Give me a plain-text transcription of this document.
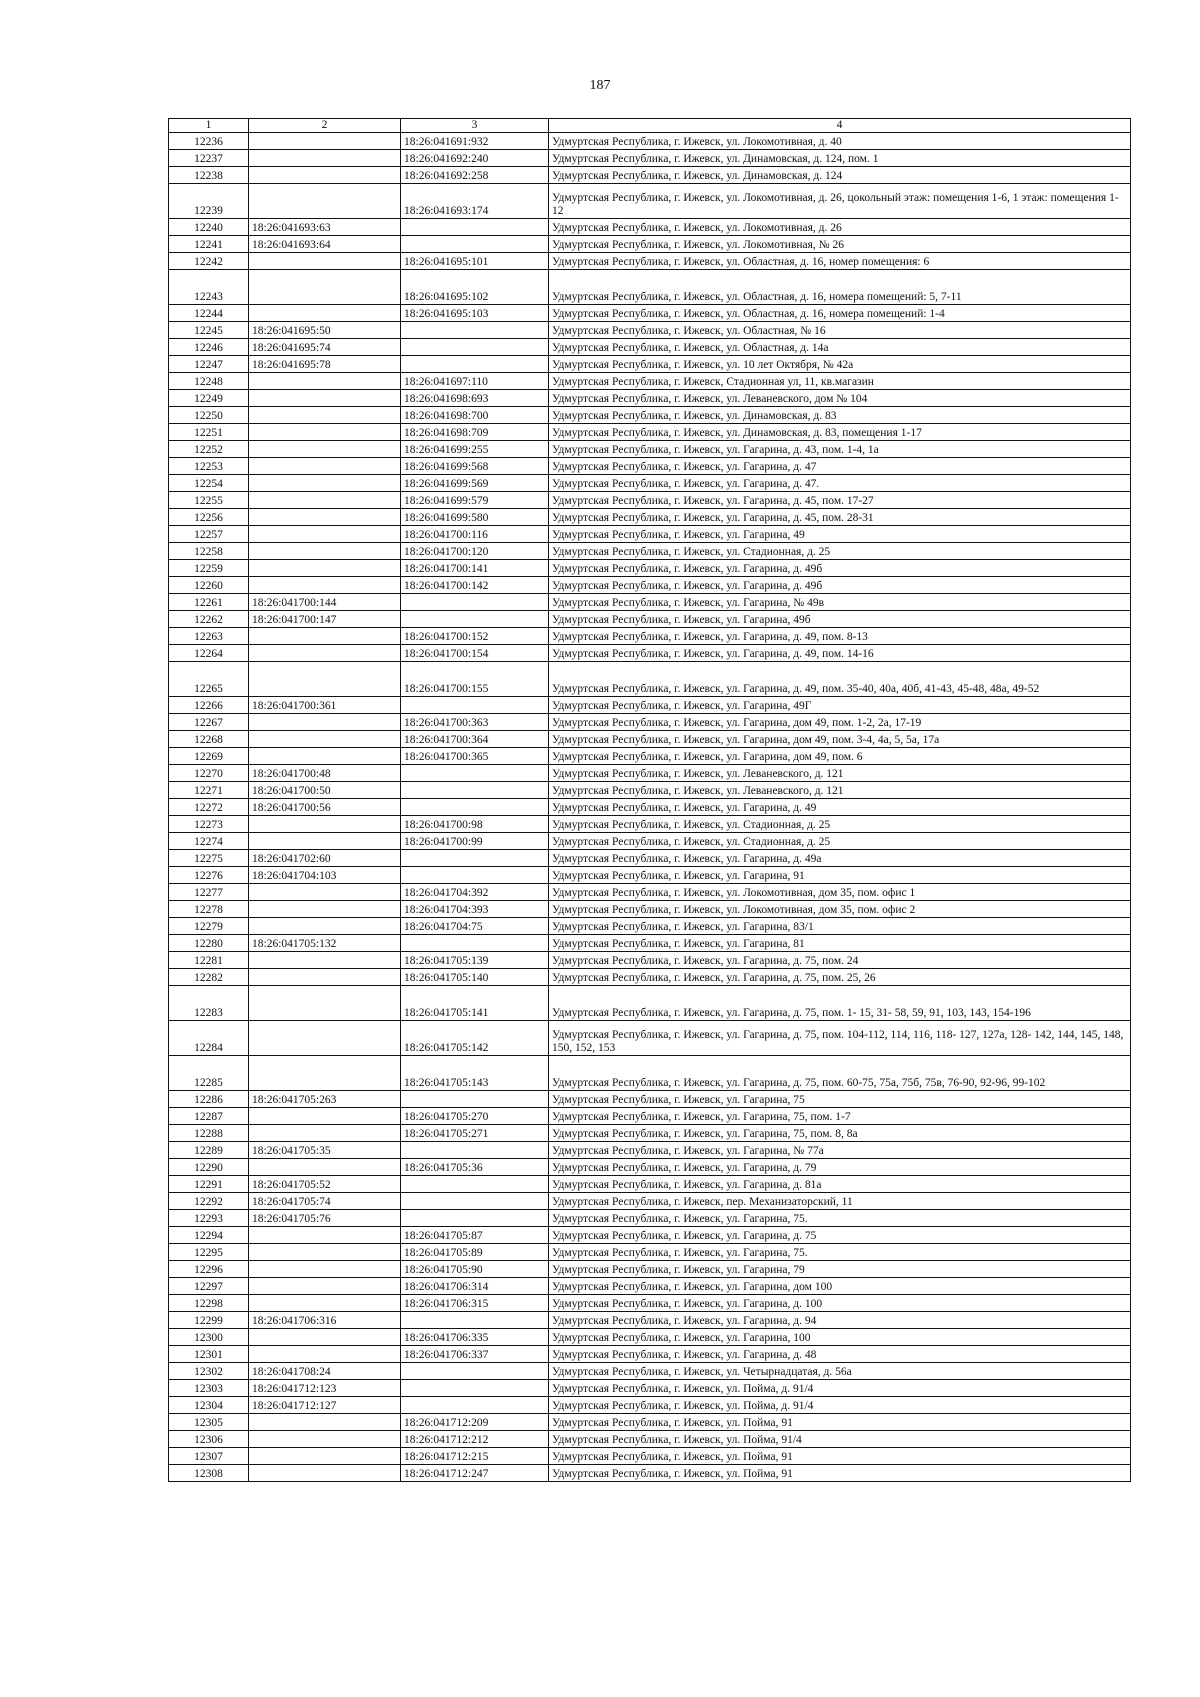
187
1	2	3	4
12236		18:26:041691:932	Удмуртская Республика, г. Ижевск, ул. Локомотивная, д. 40
12237		18:26:041692:240	Удмуртская Республика, г. Ижевск, ул. Динамовская, д. 124, пом. 1
12238		18:26:041692:258	Удмуртская Республика, г. Ижевск, ул. Динамовская, д. 124
12239		18:26:041693:174	Удмуртская Республика, г. Ижевск, ул. Локомотивная, д. 26, цокольный этаж: помещения 1-6, 1 этаж: помещения 1-12
12240	18:26:041693:63		Удмуртская Республика, г. Ижевск, ул. Локомотивная, д. 26
12241	18:26:041693:64		Удмуртская Республика, г. Ижевск, ул. Локомотивная, № 26
12242		18:26:041695:101	Удмуртская Республика, г. Ижевск, ул. Областная, д. 16, номер помещения: 6
12243		18:26:041695:102	Удмуртская Республика, г. Ижевск, ул. Областная, д. 16, номера помещений: 5, 7-11
12244		18:26:041695:103	Удмуртская Республика, г. Ижевск, ул. Областная, д. 16, номера помещений: 1-4
12245	18:26:041695:50		Удмуртская Республика, г. Ижевск, ул. Областная, № 16
12246	18:26:041695:74		Удмуртская Республика, г. Ижевск, ул. Областная, д. 14а
12247	18:26:041695:78		Удмуртская Республика, г. Ижевск, ул. 10 лет Октября, № 42а
12248		18:26:041697:110	Удмуртская Республика, г. Ижевск, Стадионная ул, 11, кв.магазин
12249		18:26:041698:693	Удмуртская Республика, г. Ижевск, ул. Леваневского, дом № 104
12250		18:26:041698:700	Удмуртская Республика, г. Ижевск, ул. Динамовская, д. 83
12251		18:26:041698:709	Удмуртская Республика, г. Ижевск, ул. Динамовская, д. 83, помещения 1-17
12252		18:26:041699:255	Удмуртская Республика, г. Ижевск, ул. Гагарина, д. 43, пом. 1-4, 1а
12253		18:26:041699:568	Удмуртская Республика, г. Ижевск, ул. Гагарина, д. 47
12254		18:26:041699:569	Удмуртская Республика, г. Ижевск, ул. Гагарина, д. 47.
12255		18:26:041699:579	Удмуртская Республика, г. Ижевск, ул. Гагарина, д. 45, пом. 17-27
12256		18:26:041699:580	Удмуртская Республика, г. Ижевск, ул. Гагарина, д. 45, пом. 28-31
12257		18:26:041700:116	Удмуртская Республика, г. Ижевск, ул. Гагарина, 49
12258		18:26:041700:120	Удмуртская Республика, г. Ижевск, ул. Стадионная, д. 25
12259		18:26:041700:141	Удмуртская Республика, г. Ижевск, ул. Гагарина, д. 49б
12260		18:26:041700:142	Удмуртская Республика, г. Ижевск, ул. Гагарина, д. 49б
12261	18:26:041700:144		Удмуртская Республика, г. Ижевск, ул. Гагарина, № 49в
12262	18:26:041700:147		Удмуртская Республика, г. Ижевск, ул. Гагарина, 49б
12263		18:26:041700:152	Удмуртская Республика, г. Ижевск, ул. Гагарина, д. 49, пом. 8-13
12264		18:26:041700:154	Удмуртская Республика, г. Ижевск, ул. Гагарина, д. 49, пом. 14-16
12265		18:26:041700:155	Удмуртская Республика, г. Ижевск, ул. Гагарина, д. 49, пом. 35-40, 40а, 40б, 41-43, 45-48, 48а, 49-52
12266	18:26:041700:361		Удмуртская Республика, г. Ижевск, ул. Гагарина, 49Г
12267		18:26:041700:363	Удмуртская Республика, г. Ижевск, ул. Гагарина, дом 49, пом. 1-2, 2а, 17-19
12268		18:26:041700:364	Удмуртская Республика, г. Ижевск, ул. Гагарина, дом 49, пом. 3-4, 4а, 5, 5а, 17а
12269		18:26:041700:365	Удмуртская Республика, г. Ижевск, ул. Гагарина, дом 49, пом. 6
12270	18:26:041700:48		Удмуртская Республика, г. Ижевск, ул. Леваневского, д. 121
12271	18:26:041700:50		Удмуртская Республика, г. Ижевск, ул. Леваневского, д. 121
12272	18:26:041700:56		Удмуртская Республика, г. Ижевск, ул. Гагарина, д. 49
12273		18:26:041700:98	Удмуртская Республика, г. Ижевск, ул. Стадионная, д. 25
12274		18:26:041700:99	Удмуртская Республика, г. Ижевск, ул. Стадионная, д. 25
12275	18:26:041702:60		Удмуртская Республика, г. Ижевск, ул. Гагарина, д. 49а
12276	18:26:041704:103		Удмуртская Республика, г. Ижевск, ул. Гагарина, 91
12277		18:26:041704:392	Удмуртская Республика, г. Ижевск, ул. Локомотивная, дом 35, пом. офис 1
12278		18:26:041704:393	Удмуртская Республика, г. Ижевск, ул. Локомотивная, дом 35, пом. офис 2
12279		18:26:041704:75	Удмуртская Республика, г. Ижевск, ул. Гагарина, 83/1
12280	18:26:041705:132		Удмуртская Республика, г. Ижевск, ул. Гагарина, 81
12281		18:26:041705:139	Удмуртская Республика, г. Ижевск, ул. Гагарина, д. 75, пом. 24
12282		18:26:041705:140	Удмуртская Республика, г. Ижевск, ул. Гагарина, д. 75, пом. 25, 26
12283		18:26:041705:141	Удмуртская Республика, г. Ижевск, ул. Гагарина, д. 75, пом. 1- 15, 31- 58, 59, 91, 103, 143, 154-196
12284		18:26:041705:142	Удмуртская Республика, г. Ижевск, ул. Гагарина, д. 75, пом. 104-112, 114, 116, 118- 127, 127а, 128- 142, 144, 145, 148, 150, 152, 153
12285		18:26:041705:143	Удмуртская Республика, г. Ижевск, ул. Гагарина, д. 75, пом. 60-75, 75а, 75б, 75в, 76-90, 92-96, 99-102
12286	18:26:041705:263		Удмуртская Республика, г. Ижевск, ул. Гагарина, 75
12287		18:26:041705:270	Удмуртская Республика, г. Ижевск, ул. Гагарина, 75, пом. 1-7
12288		18:26:041705:271	Удмуртская Республика, г. Ижевск, ул. Гагарина, 75, пом. 8, 8а
12289	18:26:041705:35		Удмуртская Республика, г. Ижевск, ул. Гагарина, № 77а
12290		18:26:041705:36	Удмуртская Республика, г. Ижевск, ул. Гагарина, д. 79
12291	18:26:041705:52		Удмуртская Республика, г. Ижевск, ул. Гагарина, д. 81а
12292	18:26:041705:74		Удмуртская Республика, г. Ижевск, пер. Механизаторский, 11
12293	18:26:041705:76		Удмуртская Республика, г. Ижевск, ул. Гагарина, 75.
12294		18:26:041705:87	Удмуртская Республика, г. Ижевск, ул. Гагарина, д. 75
12295		18:26:041705:89	Удмуртская Республика, г. Ижевск, ул. Гагарина, 75.
12296		18:26:041705:90	Удмуртская Республика, г. Ижевск, ул. Гагарина, 79
12297		18:26:041706:314	Удмуртская Республика, г. Ижевск, ул. Гагарина, дом 100
12298		18:26:041706:315	Удмуртская Республика, г. Ижевск, ул. Гагарина, д. 100
12299	18:26:041706:316		Удмуртская Республика, г. Ижевск, ул. Гагарина, д. 94
12300		18:26:041706:335	Удмуртская Республика, г. Ижевск, ул. Гагарина, 100
12301		18:26:041706:337	Удмуртская Республика, г. Ижевск, ул. Гагарина, д. 48
12302	18:26:041708:24		Удмуртская Республика, г. Ижевск, ул. Четырнадцатая, д. 56а
12303	18:26:041712:123		Удмуртская Республика, г. Ижевск, ул. Пойма, д. 91/4
12304	18:26:041712:127		Удмуртская Республика, г. Ижевск, ул. Пойма, д. 91/4
12305		18:26:041712:209	Удмуртская Республика, г. Ижевск, ул. Пойма, 91
12306		18:26:041712:212	Удмуртская Республика, г. Ижевск, ул. Пойма, 91/4
12307		18:26:041712:215	Удмуртская Республика, г. Ижевск, ул. Пойма, 91
12308		18:26:041712:247	Удмуртская Республика, г. Ижевск, ул. Пойма, 91
